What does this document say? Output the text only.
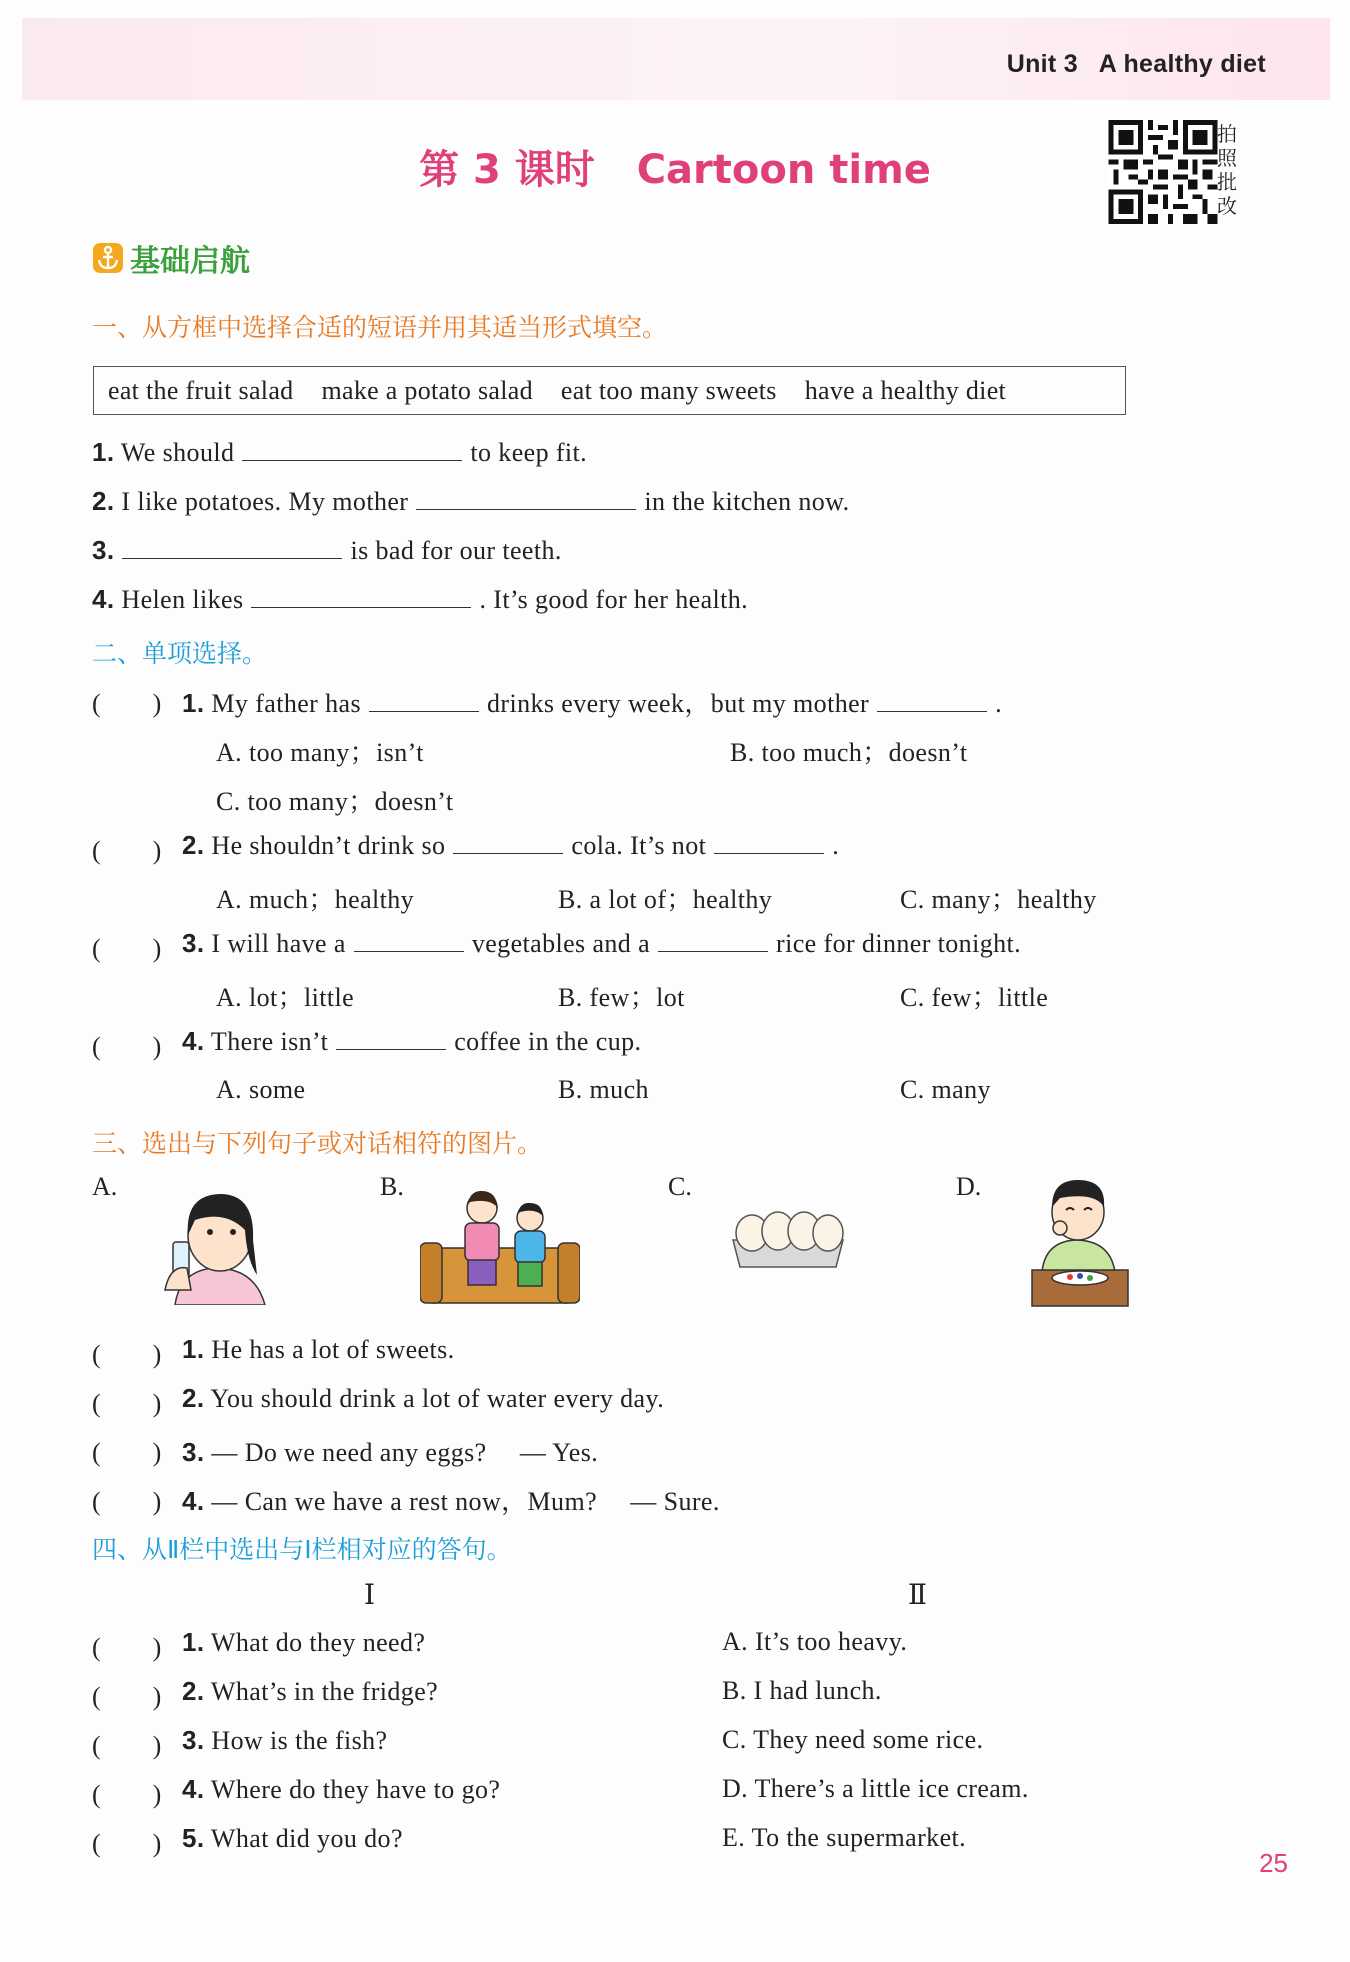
Unit 3 A healthy diet
第 3 课时 Cartoon time
拍
照
批
改
基础启航
一、从方框中选择合适的短语并用其适当形式填空。
eat the fruit salad make a potato salad eat too many sweets have a healthy diet
1. We should	to keep fit.
2. I like potatoes. My mother	in the kitchen now.
3.	is bad for our teeth.
4. Helen likes	. It’s good for her health.
二、单项选择。
(　　) 1. My father has	drinks every week，but my mother	.
A. too many；isn’t	B. too much；doesn’t
C. too many；doesn’t
(　　) 2. He shouldn’t drink so	cola. It’s not	.
A. much；healthy	B. a lot of；healthy	C. many；healthy
(　　) 3. I will have a	vegetables and a	rice for dinner tonight.
A. lot；little	B. few；lot	C. few；little
(　　) 4. There isn’t	coffee in the cup.
A. some	B. much	C. many
三、选出与下列句子或对话相符的图片。
A.	B.	C.	D.
(　　) 1. He has a lot of sweets.
(　　) 2. You should drink a lot of water every day.
(　　) 3. — Do we need any eggs?　 — Yes.
(　　) 4. — Can we have a rest now，Mum?　 — Sure.
四、从Ⅱ栏中选出与Ⅰ栏相对应的答句。
Ⅰ	Ⅱ
(　　) 1. What do they need?	A. It’s too heavy.
(　　) 2. What’s in the fridge?	B. I had lunch.
(　　) 3. How is the fish?	C. They need some rice.
(　　) 4. Where do they have to go?	D. There’s a little ice cream.
(　　) 5. What did you do?	E. To the supermarket.
25
